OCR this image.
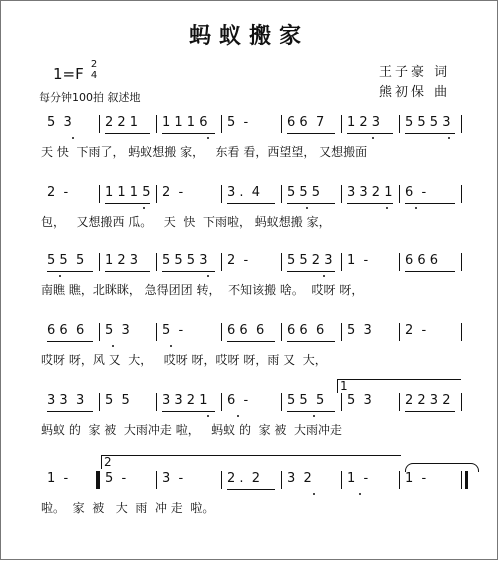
蚂蚁搬家
1=F
2
4
每分钟100拍 叙述地
王子豪 词
熊初保 曲
5  3	2 2 1 1 1 1 6 5  -	6 6  7 1 2 3 5 5 5 3
天 快  下雨了， 蚂蚁想搬 家，   东看 看，西望望， 又想搬面
2  -	1 1 1 5 2  -	3 .  4 5 5 5 3 3 2 1 6  -
包，   又想搬西 瓜。   天  快  下雨啦， 蚂蚁想搬 家，
5 5  5 1 2 3 5 5 5 3 2  -	5 5 2 3 1  -	6 6 6
南瞧 瞧，北眯眯， 急得团团 转，  不知该搬 啥。  哎呀 呀，
6 6  6 5  3 5  -	6 6  6 6 6  6 5  3	2  -
哎呀 呀，风 又  大，   哎呀 呀，哎呀 呀，雨 又  大，
3 3  3 5  5 3 3 2 1 6  -	5 5  5 5  3	2 2 3 2
蚂蚁 的  家 被  大雨冲走 啦，   蚂蚁 的  家 被  大雨冲走
1  -	5  -	3  -	2 .  2 3  2	1  -	1  -
啦。  家  被   大  雨  冲 走  啦。
1
2
